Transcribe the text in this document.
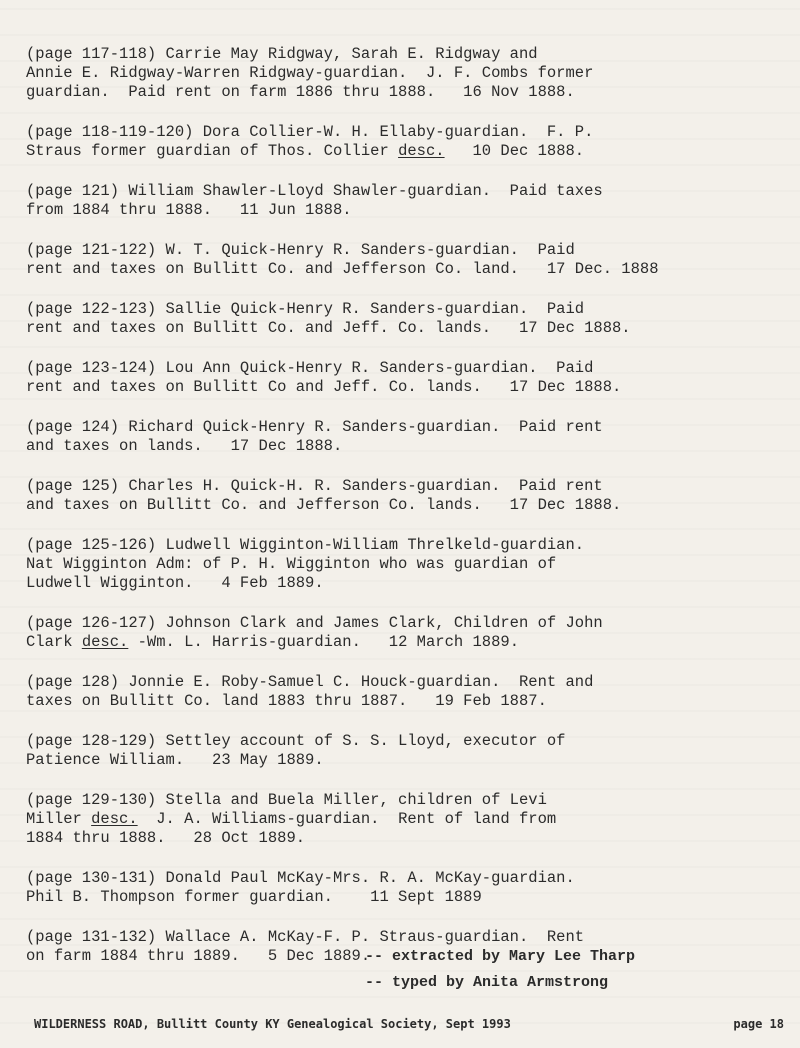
(page 117-118) Carrie May Ridgway, Sarah E. Ridgway and
Annie E. Ridgway-Warren Ridgway-guardian.  J. F. Combs former
guardian.  Paid rent on farm 1886 thru 1888.   16 Nov 1888.
(page 118-119-120) Dora Collier-W. H. Ellaby-guardian.  F. P.
Straus former guardian of Thos. Collier desc.   10 Dec 1888.
(page 121) William Shawler-Lloyd Shawler-guardian.  Paid taxes
from 1884 thru 1888.   11 Jun 1888.
(page 121-122) W. T. Quick-Henry R. Sanders-guardian.  Paid
rent and taxes on Bullitt Co. and Jefferson Co. land.   17 Dec. 1888
(page 122-123) Sallie Quick-Henry R. Sanders-guardian.  Paid
rent and taxes on Bullitt Co. and Jeff. Co. lands.   17 Dec 1888.
(page 123-124) Lou Ann Quick-Henry R. Sanders-guardian.  Paid
rent and taxes on Bullitt Co and Jeff. Co. lands.   17 Dec 1888.
(page 124) Richard Quick-Henry R. Sanders-guardian.  Paid rent
and taxes on lands.   17 Dec 1888.
(page 125) Charles H. Quick-H. R. Sanders-guardian.  Paid rent
and taxes on Bullitt Co. and Jefferson Co. lands.   17 Dec 1888.
(page 125-126) Ludwell Wigginton-William Threlkeld-guardian.
Nat Wigginton Adm: of P. H. Wigginton who was guardian of
Ludwell Wigginton.   4 Feb 1889.
(page 126-127) Johnson Clark and James Clark, Children of John
Clark desc. -Wm. L. Harris-guardian.   12 March 1889.
(page 128) Jonnie E. Roby-Samuel C. Houck-guardian.  Rent and
taxes on Bullitt Co. land 1883 thru 1887.   19 Feb 1887.
(page 128-129) Settley account of S. S. Lloyd, executor of
Patience William.   23 May 1889.
(page 129-130) Stella and Buela Miller, children of Levi
Miller desc.  J. A. Williams-guardian.  Rent of land from
1884 thru 1888.   28 Oct 1889.
(page 130-131) Donald Paul McKay-Mrs. R. A. McKay-guardian.
Phil B. Thompson former guardian.    11 Sept 1889
(page 131-132) Wallace A. McKay-F. P. Straus-guardian.  Rent
on farm 1884 thru 1889.   5 Dec 1889.
-- extracted by Mary Lee Tharp
-- typed by Anita Armstrong
WILDERNESS ROAD, Bullitt County KY Genealogical Society, Sept 1993	page 18
